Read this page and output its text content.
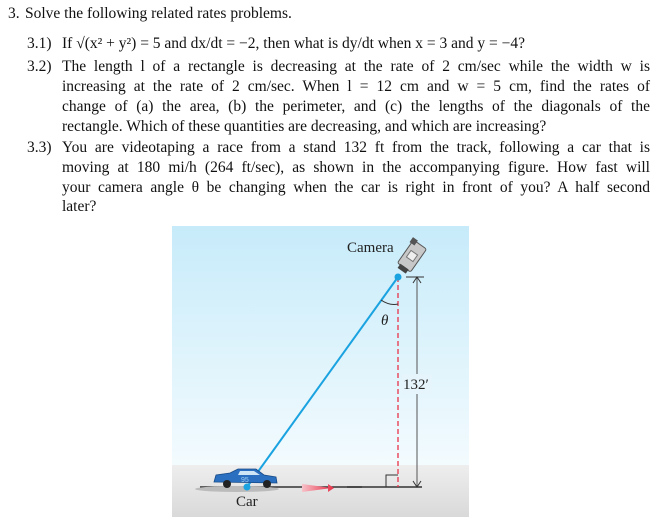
3. Solve the following related rates problems.
3.1) If √(x² + y²) = 5 and dx/dt = −2, then what is dy/dt when x = 3 and y = −4?
3.2) The length l of a rectangle is decreasing at the rate of 2 cm/sec while the width w is
increasing at the rate of 2 cm/sec. When l = 12 cm and w = 5 cm, find the rates of
change of (a) the area, (b) the perimeter, and (c) the lengths of the diagonals of the
rectangle. Which of these quantities are decreasing, and which are increasing?
3.3) You are videotaping a race from a stand 132 ft from the track, following a car that is
moving at 180 mi/h (264 ft/sec), as shown in the accompanying figure. How fast will
your camera angle θ be changing when the car is right in front of you? A half second
later?
132′
θ
Camera
95
Car
